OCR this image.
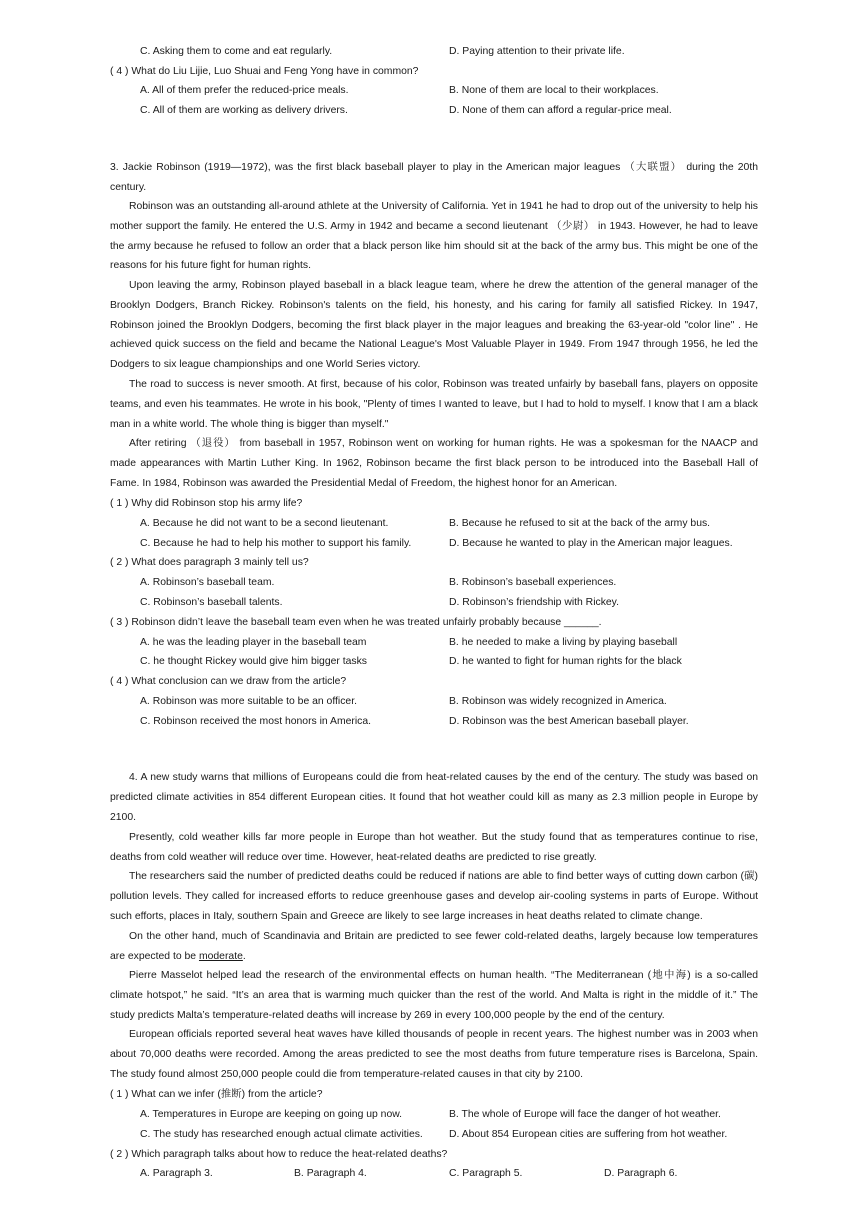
C. Asking them to come and eat regularly.	D. Paying attention to their private life.
( 4 ) What do Liu Lijie, Luo Shuai and Feng Yong have in common?
A. All of them prefer the reduced-price meals.	B. None of them are local to their workplaces.
C. All of them are working as delivery drivers.	D. None of them can afford a regular-price meal.
3. Jackie Robinson (1919—1972), was the first black baseball player to play in the American major leagues （大联盟） during the 20th century.
Robinson was an outstanding all-around athlete at the University of California. Yet in 1941 he had to drop out of the university to help his mother support the family. He entered the U.S. Army in 1942 and became a second lieutenant （少尉） in 1943. However, he had to leave the army because he refused to follow an order that a black person like him should sit at the back of the army bus. This might be one of the reasons for his future fight for human rights.
Upon leaving the army, Robinson played baseball in a black league team, where he drew the attention of the general manager of the Brooklyn Dodgers, Branch Rickey. Robinson's talents on the field, his honesty, and his caring for family all satisfied Rickey. In 1947, Robinson joined the Brooklyn Dodgers, becoming the first black player in the major leagues and breaking the 63-year-old "color line" . He achieved quick success on the field and became the National League's Most Valuable Player in 1949. From 1947 through 1956, he led the Dodgers to six league championships and one World Series victory.
The road to success is never smooth. At first, because of his color, Robinson was treated unfairly by baseball fans, players on opposite teams, and even his teammates. He wrote in his book, "Plenty of times I wanted to leave, but I had to hold to myself. I know that I am a black man in a white world. The whole thing is bigger than myself."
After retiring （退役） from baseball in 1957, Robinson went on working for human rights. He was a spokesman for the NAACP and made appearances with Martin Luther King. In 1962, Robinson became the first black person to be introduced into the Baseball Hall of Fame. In 1984, Robinson was awarded the Presidential Medal of Freedom, the highest honor for an American.
( 1 ) Why did Robinson stop his army life?
A. Because he did not want to be a second lieutenant.	B. Because he refused to sit at the back of the army bus.
C. Because he had to help his mother to support his family.	D. Because he wanted to play in the American major leagues.
( 2 ) What does paragraph 3 mainly tell us?
A. Robinson’s baseball team.	B. Robinson’s baseball experiences.
C. Robinson’s baseball talents.	D. Robinson’s friendship with Rickey.
( 3 ) Robinson didn’t leave the baseball team even when he was treated unfairly probably because ______.
A. he was the leading player in the baseball team	B. he needed to make a living by playing baseball
C. he thought Rickey would give him bigger tasks	D. he wanted to fight for human rights for the black
( 4 ) What conclusion can we draw from the article?
A. Robinson was more suitable to be an officer.	B. Robinson was widely recognized in America.
C. Robinson received the most honors in America.	D. Robinson was the best American baseball player.
4. A new study warns that millions of Europeans could die from heat-related causes by the end of the century. The study was based on predicted climate activities in 854 different European cities. It found that hot weather could kill as many as 2.3 million people in Europe by 2100.
Presently, cold weather kills far more people in Europe than hot weather. But the study found that as temperatures continue to rise, deaths from cold weather will reduce over time. However, heat-related deaths are predicted to rise greatly.
The researchers said the number of predicted deaths could be reduced if nations are able to find better ways of cutting down carbon (碳) pollution levels. They called for increased efforts to reduce greenhouse gases and develop air-cooling systems in parts of Europe. Without such efforts, places in Italy, southern Spain and Greece are likely to see large increases in heat deaths related to climate change.
On the other hand, much of Scandinavia and Britain are predicted to see fewer cold-related deaths, largely because low temperatures are expected to be moderate.
Pierre Masselot helped lead the research of the environmental effects on human health. “The Mediterranean (地中海) is a so-called climate hotspot,” he said. “It’s an area that is warming much quicker than the rest of the world. And Malta is right in the middle of it.” The study predicts Malta’s temperature-related deaths will increase by 269 in every 100,000 people by the end of the century.
European officials reported several heat waves have killed thousands of people in recent years. The highest number was in 2003 when about 70,000 deaths were recorded. Among the areas predicted to see the most deaths from future temperature rises is Barcelona, Spain. The study found almost 250,000 people could die from temperature-related causes in that city by 2100.
( 1 ) What can we infer (推断) from the article?
A. Temperatures in Europe are keeping on going up now.	B. The whole of Europe will face the danger of hot weather.
C. The study has researched enough actual climate activities.	D. About 854 European cities are suffering from hot weather.
( 2 ) Which paragraph talks about how to reduce the heat-related deaths?
A. Paragraph 3.	B. Paragraph 4.	C. Paragraph 5.	D. Paragraph 6.
